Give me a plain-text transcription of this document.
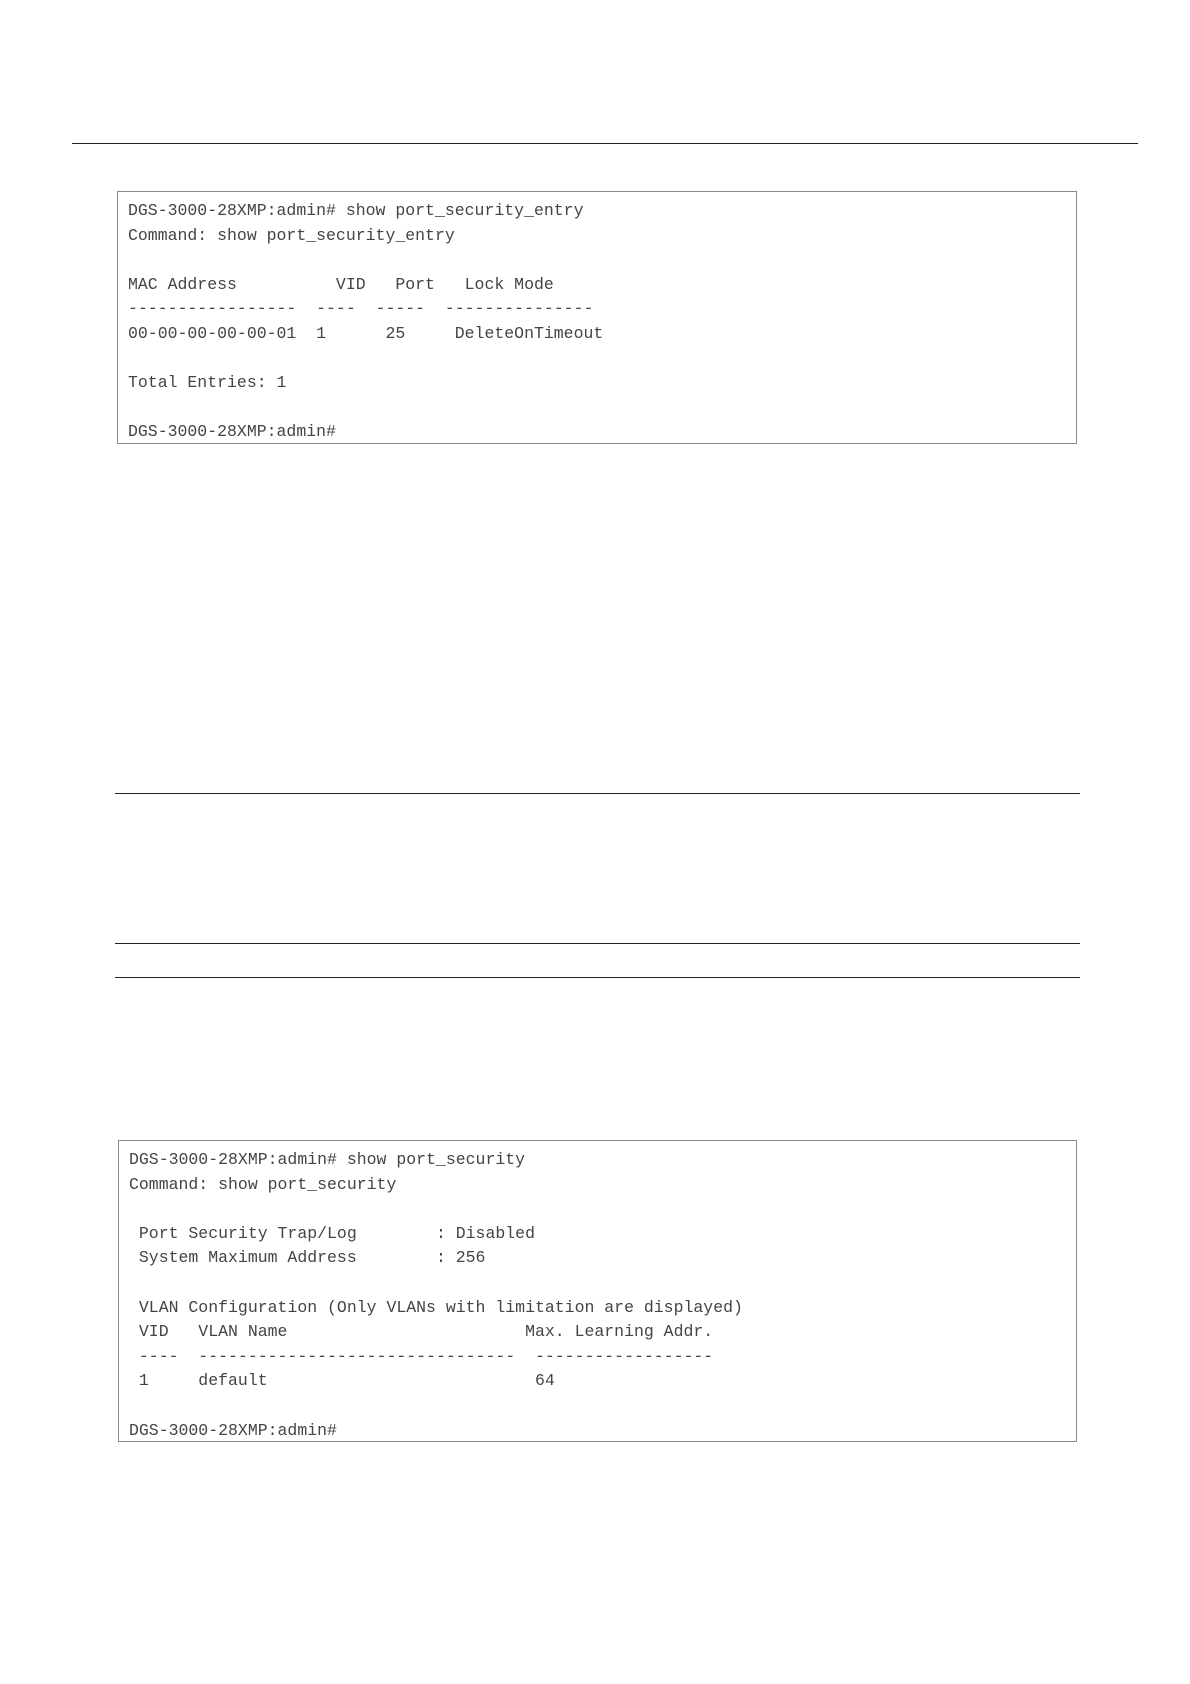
DGS-3000-28XMP:admin# show port_security_entry
Command: show port_security_entry
MAC Address          VID   Port   Lock Mode
-----------------  ----  -----  ---------------
00-00-00-00-00-01  1      25     DeleteOnTimeout
Total Entries: 1
DGS-3000-28XMP:admin#
DGS-3000-28XMP:admin# show port_security
Command: show port_security
Port Security Trap/Log        : Disabled
System Maximum Address        : 256
VLAN Configuration (Only VLANs with limitation are displayed)
VID   VLAN Name                        Max. Learning Addr.
----  --------------------------------  ------------------
1     default                           64
DGS-3000-28XMP:admin#
